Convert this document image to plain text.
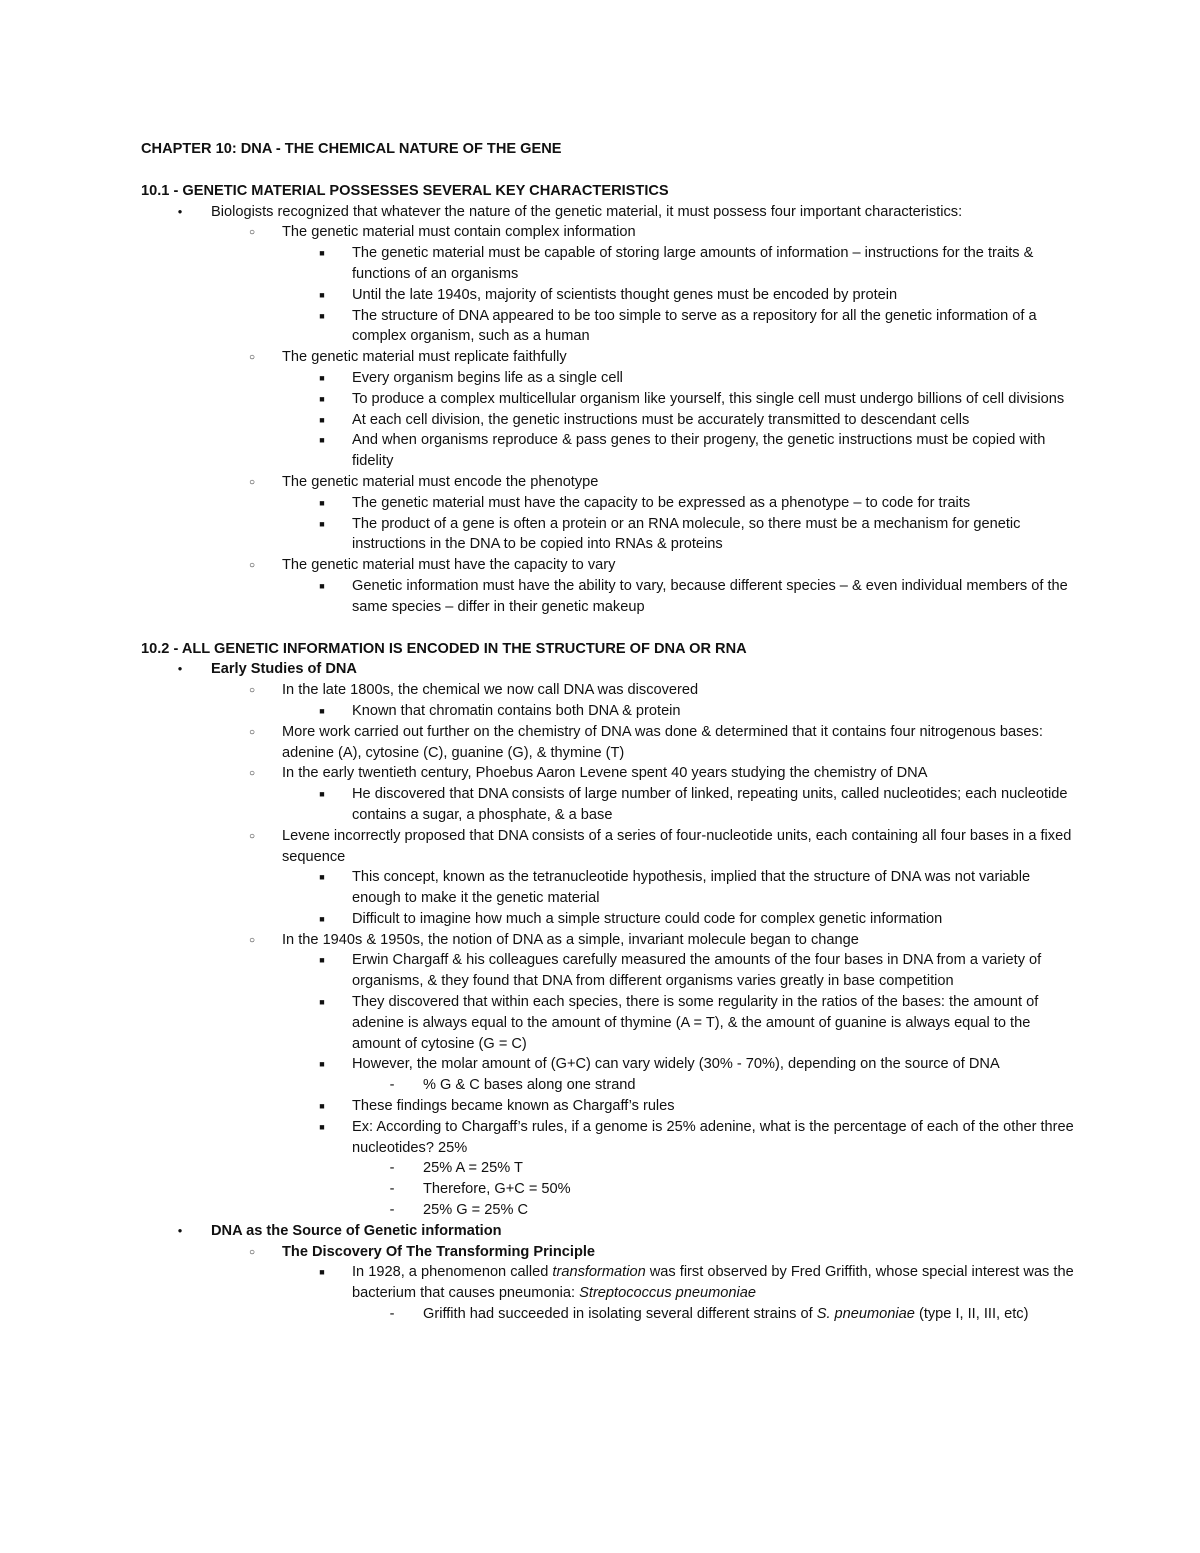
CHAPTER 10: DNA - THE CHEMICAL NATURE OF THE GENE

10.1 - GENETIC MATERIAL POSSESSES SEVERAL KEY CHARACTERISTICS

●
Biologists recognized that whatever the nature of the genetic material, it must possess four important characteristics:
○
The genetic material must contain complex information
■
The genetic material must be capable of storing large amounts of information – instructions for the traits & functions of an organisms
■
Until the late 1940s, majority of scientists thought genes must be encoded by protein
■
The structure of DNA appeared to be too simple to serve as a repository for all the genetic information of a complex organism, such as a human
○
The genetic material must replicate faithfully
■
Every organism begins life as a single cell
■
To produce a complex multicellular organism like yourself, this single cell must undergo billions of cell divisions
■
At each cell division, the genetic instructions must be accurately transmitted to descendant cells
■
And when organisms reproduce & pass genes to their progeny, the genetic instructions must be copied with fidelity
○
The genetic material must encode the phenotype
■
The genetic material must have the capacity to be expressed as a phenotype – to code for traits
■
The product of a gene is often a protein or an RNA molecule, so there must be a mechanism for genetic instructions in the DNA to be copied into RNAs & proteins
○
The genetic material must have the capacity to vary
■
Genetic information must have the ability to vary, because different species – & even individual members of the same species – differ in their genetic makeup

10.2 - ALL GENETIC INFORMATION IS ENCODED IN THE STRUCTURE OF DNA OR RNA

●
Early Studies of DNA
○
In the late 1800s, the chemical we now call DNA was discovered
■
Known that chromatin contains both DNA & protein
○
More work carried out further on the chemistry of DNA was done & determined that it contains four nitrogenous bases: adenine (A), cytosine (C), guanine (G), & thymine (T)
○
In the early twentieth century, Phoebus Aaron Levene spent 40 years studying the chemistry of DNA
■
He discovered that DNA consists of large number of linked, repeating units, called nucleotides; each nucleotide contains a sugar, a phosphate, & a base
○
Levene incorrectly proposed that DNA consists of a series of four-nucleotide units, each containing all four bases in a fixed sequence
■
This concept, known as the tetranucleotide hypothesis, implied that the structure of DNA was not variable enough to make it the genetic material
■
Difficult to imagine how much a simple structure could code for complex genetic information
○
In the 1940s & 1950s, the notion of DNA as a simple, invariant molecule began to change
■
Erwin Chargaff & his colleagues carefully measured the amounts of the four bases in DNA from a variety of organisms, & they found that DNA from different organisms varies greatly in base competition
■
They discovered that within each species, there is some regularity in the ratios of the bases: the amount of adenine is always equal to the amount of thymine (A = T), & the amount of guanine is always equal to the amount of cytosine (G = C)
■
However, the molar amount of (G+C) can vary widely (30% - 70%), depending on the source of DNA
-
% G & C bases along one strand
■
These findings became known as Chargaff’s rules
■
Ex: According to Chargaff’s rules, if a genome is 25% adenine, what is the percentage of each of the other three nucleotides? 25%
-
25% A = 25% T
-
Therefore, G+C = 50%
-
25% G = 25% C
●
DNA as the Source of Genetic information
○
The Discovery Of The Transforming Principle
■
In 1928, a phenomenon called transformation was first observed by Fred Griffith, whose special interest was the bacterium that causes pneumonia: Streptococcus pneumoniae
-
Griffith had succeeded in isolating several different strains of S. pneumoniae (type I, II, III, etc)
